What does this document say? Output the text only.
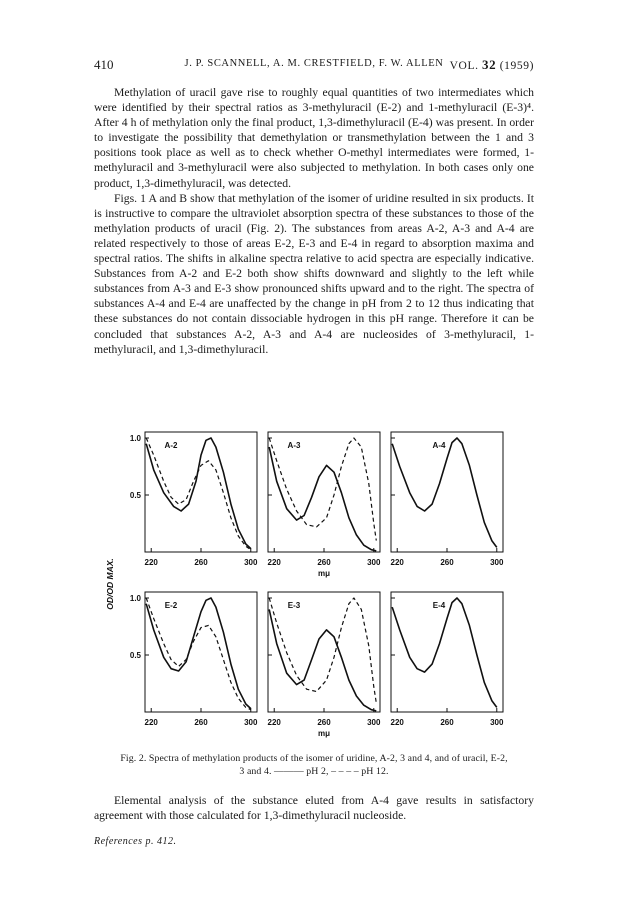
410	J. P. SCANNELL, A. M. CRESTFIELD, F. W. ALLEN VOL. 32 (1959)

Methylation of uracil gave rise to roughly equal quantities of two intermediates which were identified by their spectral ratios as 3-methyluracil (E-2) and 1-methyluracil (E-3)⁴. After 4 h of methylation only the final product, 1,3-dimethyluracil (E-4) was present. In order to investigate the possibility that demethylation or transmethylation between the 1 and 3 positions took place as well as to check whether O-methyl intermediates were formed, 1-methyluracil and 3-methyluracil were also subjected to methylation. In both cases only one product, 1,3-dimethyluracil, was detected.

Figs. 1 A and B show that methylation of the isomer of uridine resulted in six products. It is instructive to compare the ultraviolet absorption spectra of these substances to those of the methylation products of uracil (Fig. 2). The substances from areas A-2, A-3 and A-4 are related respectively to those of areas E-2, E-3 and E-4 in regard to absorption maxima and spectral ratios. The shifts in alkaline spectra relative to acid spectra are especially indicative. Substances from A-2 and E-2 both show shifts downward and slightly to the left while substances from A-3 and E-3 show pronounced shifts upward and to the right. The spectra of substances A-4 and E-4 are unaffected by the change in pH from 2 to 12 thus indicating that these substances do not contain dissociable hydrogen in this pH range. Therefore it can be concluded that substances A-2, A-3 and A-4 are nucleosides of 3-methyluracil, 1-methyluracil, and 1,3-dimethyluracil.

A-2
220	260	300
1.0
0.5
A-3
220	260	300
mμ
A-4
220	260	300
E-2
220	260	300
1.0
0.5
E-3
220	260	300
mμ
E-4
220	260	300
OD/OD MAX.
Fig. 2. Spectra of methylation products of the isomer of uridine, A-2, 3 and 4, and of uracil, E-2,
3 and 4. ——— pH 2, – – – – pH 12.

Elemental analysis of the substance eluted from A-4 gave results in satisfactory agreement with those calculated for 1,3-dimethyluracil nucleoside.

References p. 412.
